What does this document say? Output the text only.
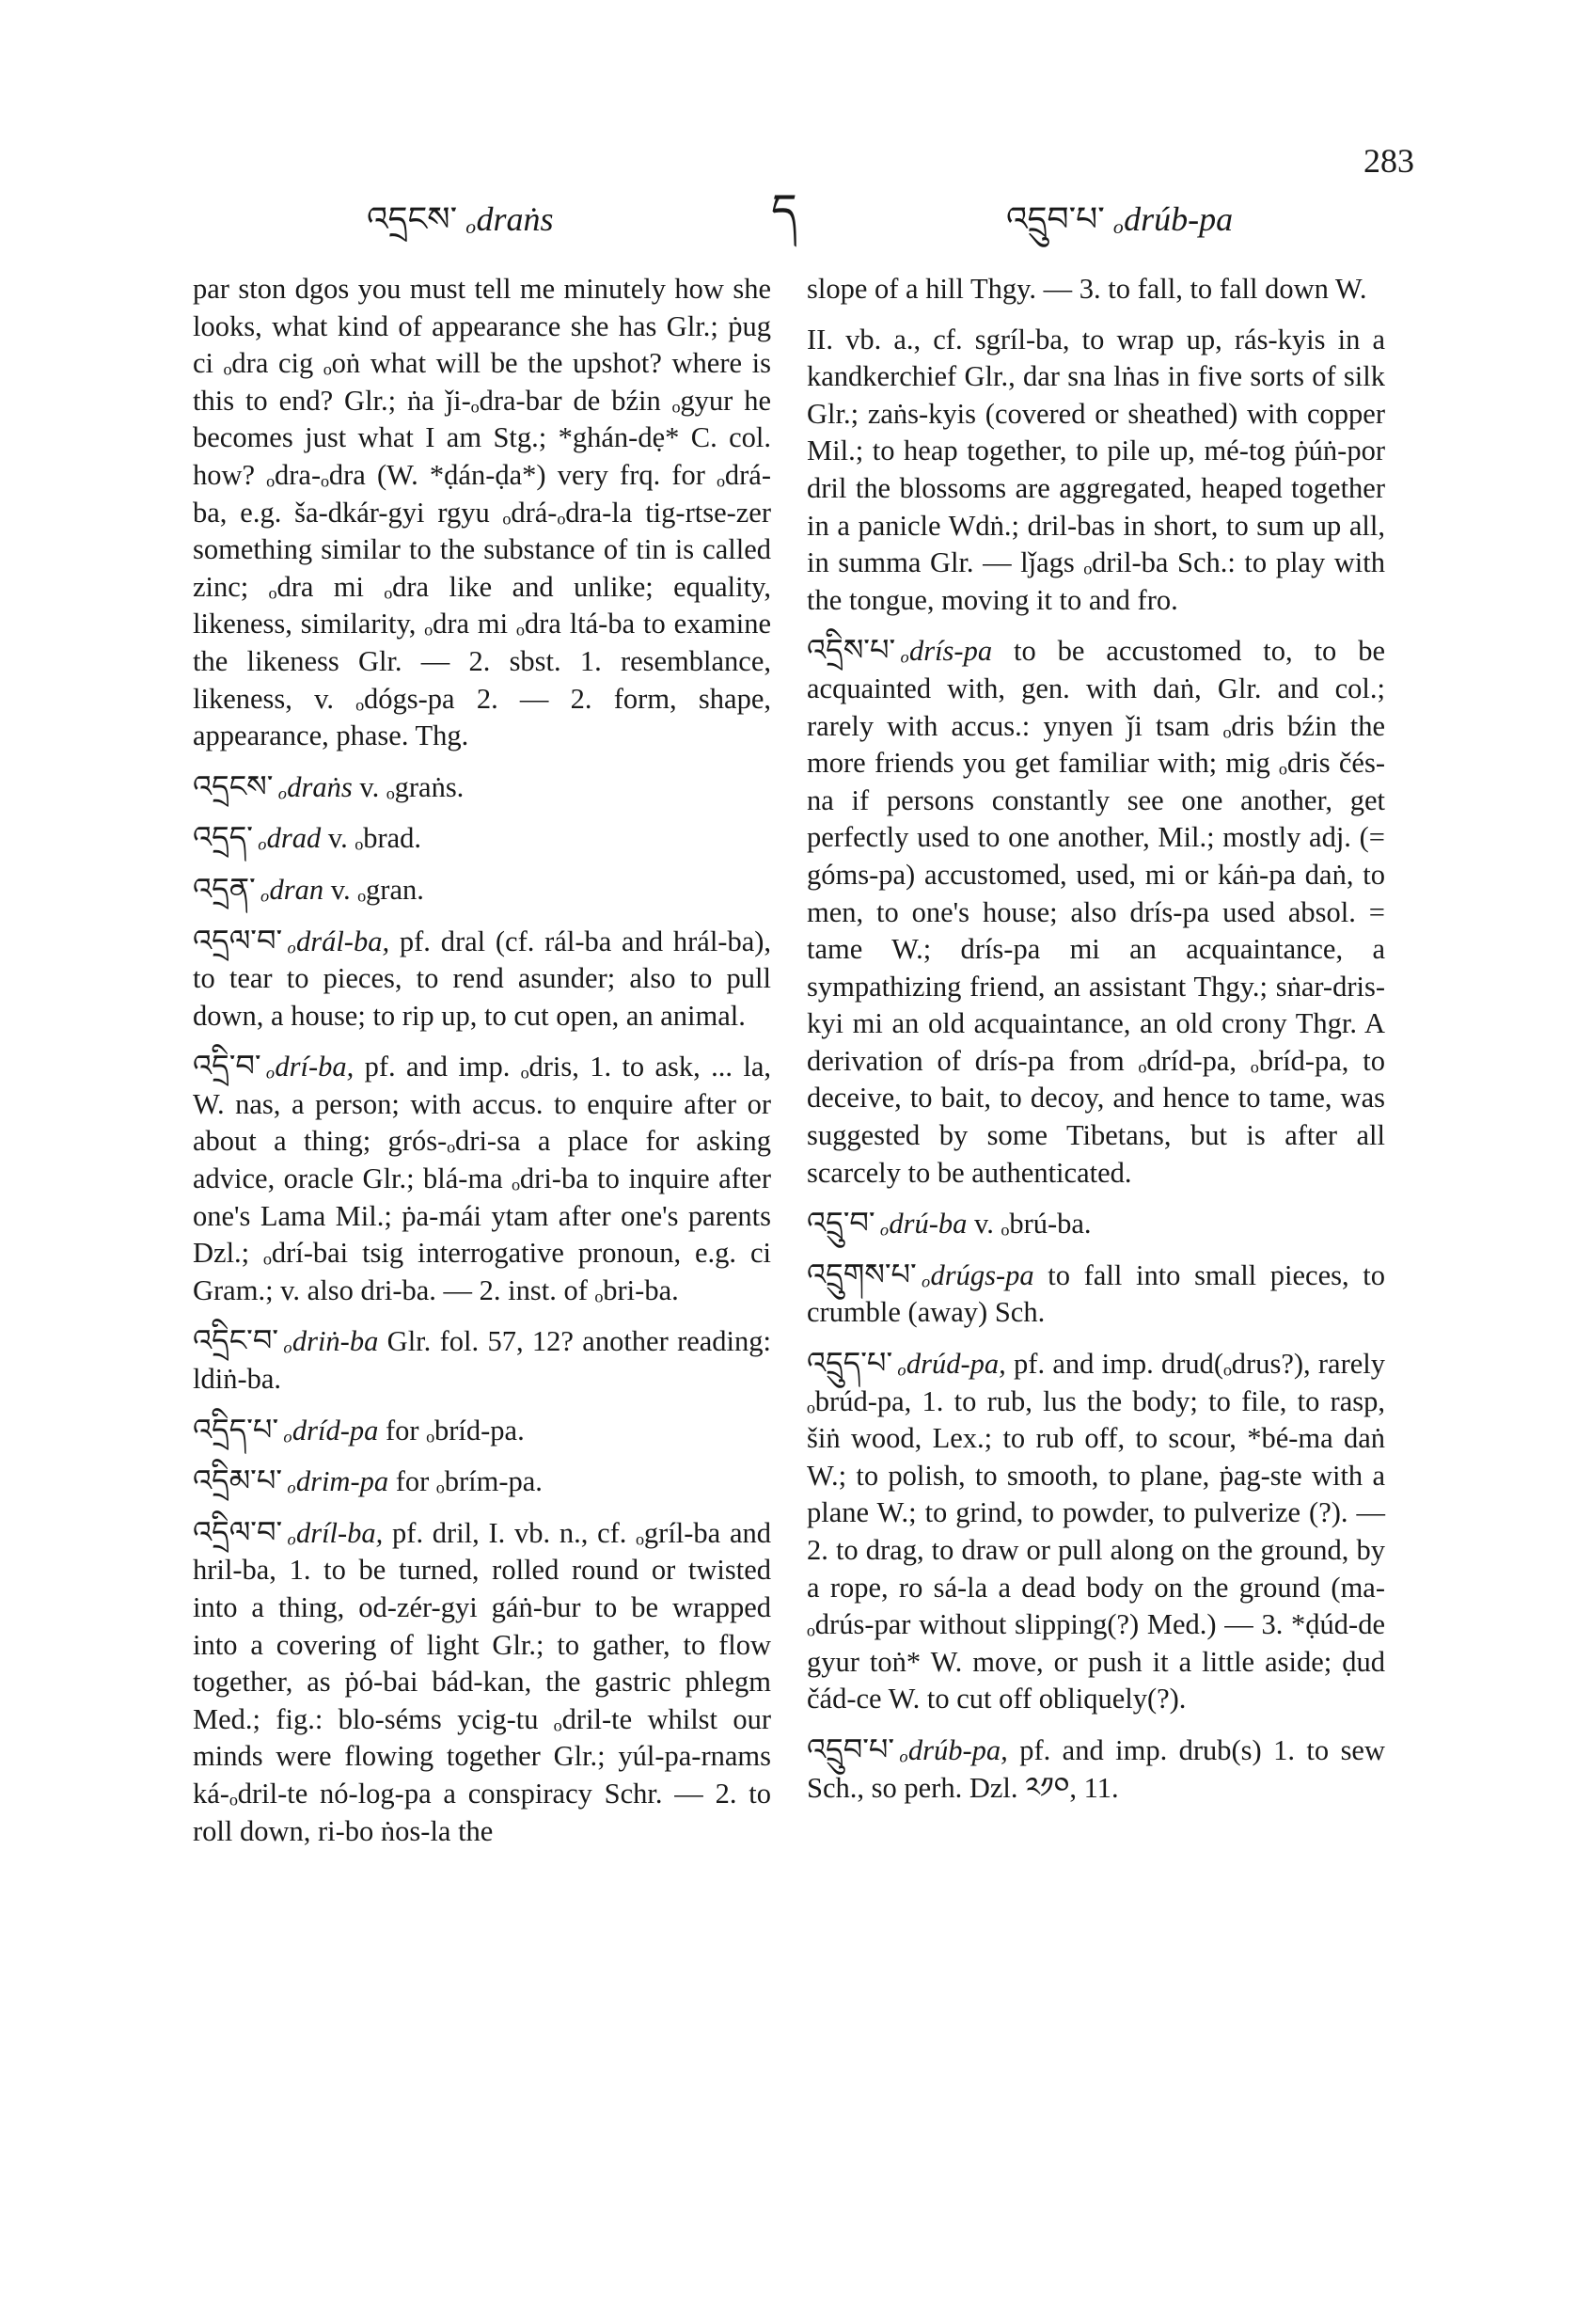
འདྲངས་ ₒdraṅs	ད	འདྲུབ་པ་ ₒdrúb-pa
283

par ston dgos you must tell me minutely how she looks, what kind of appearance she has Glr.; ṗug ci ₒdra cig ₒoṅ what will be the upshot? where is this to end? Glr.; ṅa ǰi-ₒdra-bar de bźin ₒgyur he becomes just what I am Stg.; *ghán-dẹ* C. col. how? ₒdra-ₒdra (W. *ḍán-ḍa*) very frq. for ₒdrá-ba, e.g. ša-dkár-gyi rgyu ₒdrá-ₒdra-la tig-rtse-zer something similar to the substance of tin is called zinc; ₒdra mi ₒdra like and unlike; equality, likeness, similarity, ₒdra mi ₒdra ltá-ba to examine the likeness Glr. — 2. sbst. 1. resemblance, likeness, v. ₒdógs-pa 2. — 2. form, shape, appearance, phase. Thg.

འདྲངས་ ₒdraṅs v. ₒgraṅs.

འདྲད་ ₒdrad v. ₒbrad.

འདྲན་ ₒdran v. ₒgran.

འདྲལ་བ་ ₒdrál-ba, pf. dral (cf. rál-ba and hrál-ba), to tear to pieces, to rend asunder; also to pull down, a house; to rip up, to cut open, an animal.

འདྲི་བ་ ₒdrí-ba, pf. and imp. ₒdris, 1. to ask, ... la, W. nas, a person; with accus. to enquire after or about a thing; grós-ₒdri-sa a place for asking advice, oracle Glr.; blá-ma ₒdri-ba to inquire after one's Lama Mil.; ṗa-mái ytam after one's parents Dzl.; ₒdrí-bai tsig interrogative pronoun, e.g. ci Gram.; v. also dri-ba. — 2. inst. of ₒbri-ba.

འདྲིང་བ་ ₒdriṅ-ba Glr. fol. 57, 12? another reading: ldiṅ-ba.

འདྲིད་པ་ ₒdríd-pa for ₒbríd-pa.

འདྲིམ་པ་ ₒdrim-pa for ₒbrím-pa.

འདྲིལ་བ་ ₒdríl-ba, pf. dril, I. vb. n., cf. ₒgríl-ba and hril-ba, 1. to be turned, rolled round or twisted into a thing, od-zér-gyi gáṅ-bur to be wrapped into a covering of light Glr.; to gather, to flow together, as ṗó-bai bád-kan, the gastric phlegm Med.; fig.: blo-séms ycig-tu ₒdril-te whilst our minds were flowing together Glr.; yúl-pa-rnams ká-ₒdril-te nó-log-pa a conspiracy Schr. — 2. to roll down, ri-bo ṅos-la the

slope of a hill Thgy. — 3. to fall, to fall down W.

II. vb. a., cf. sgríl-ba, to wrap up, rás-kyis in a kandkerchief Glr., dar sna lṅas in five sorts of silk Glr.; zaṅs-kyis (covered or sheathed) with copper Mil.; to heap together, to pile up, mé-tog ṗúṅ-por dril the blossoms are aggregated, heaped together in a panicle Wdṅ.; dril-bas in short, to sum up all, in summa Glr. — lǰags ₒdril-ba Sch.: to play with the tongue, moving it to and fro.

འདྲིས་པ་ ₒdrís-pa to be accustomed to, to be acquainted with, gen. with daṅ, Glr. and col.; rarely with accus.: ynyen ǰi tsam ₒdris bźin the more friends you get familiar with; mig ₒdris čés-na if persons constantly see one another, get perfectly used to one another, Mil.; mostly adj. (= góms-pa) accustomed, used, mi or káṅ-pa daṅ, to men, to one's house; also drís-pa used absol. = tame W.; drís-pa mi an acquaintance, a sympathizing friend, an assistant Thgy.; sṅar-dris-kyi mi an old acquaintance, an old crony Thgr. A derivation of drís-pa from ₒdríd-pa, ₒbríd-pa, to deceive, to bait, to decoy, and hence to tame, was suggested by some Tibetans, but is after all scarcely to be authenticated.

འདྲུ་བ་ ₒdrú-ba v. ₒbrú-ba.

འདྲུགས་པ་ ₒdrúgs-pa to fall into small pieces, to crumble (away) Sch.

འདྲུད་པ་ ₒdrúd-pa, pf. and imp. drud(ₒdrus?), rarely ₒbrúd-pa, 1. to rub, lus the body; to file, to rasp, šiṅ wood, Lex.; to rub off, to scour, *bé-ma daṅ W.; to polish, to smooth, to plane, ṗag-ste with a plane W.; to grind, to powder, to pulverize (?). — 2. to drag, to draw or pull along on the ground, by a rope, ro sá-la a dead body on the ground (ma-ₒdrús-par without slipping(?) Med.) — 3. *ḍúd-de gyur toṅ* W. move, or push it a little aside; ḍud čád-ce W. to cut off obliquely(?).

འདྲུབ་པ་ ₒdrúb-pa, pf. and imp. drub(s) 1. to sew Sch., so perh. Dzl. ༢༡༠, 11.
